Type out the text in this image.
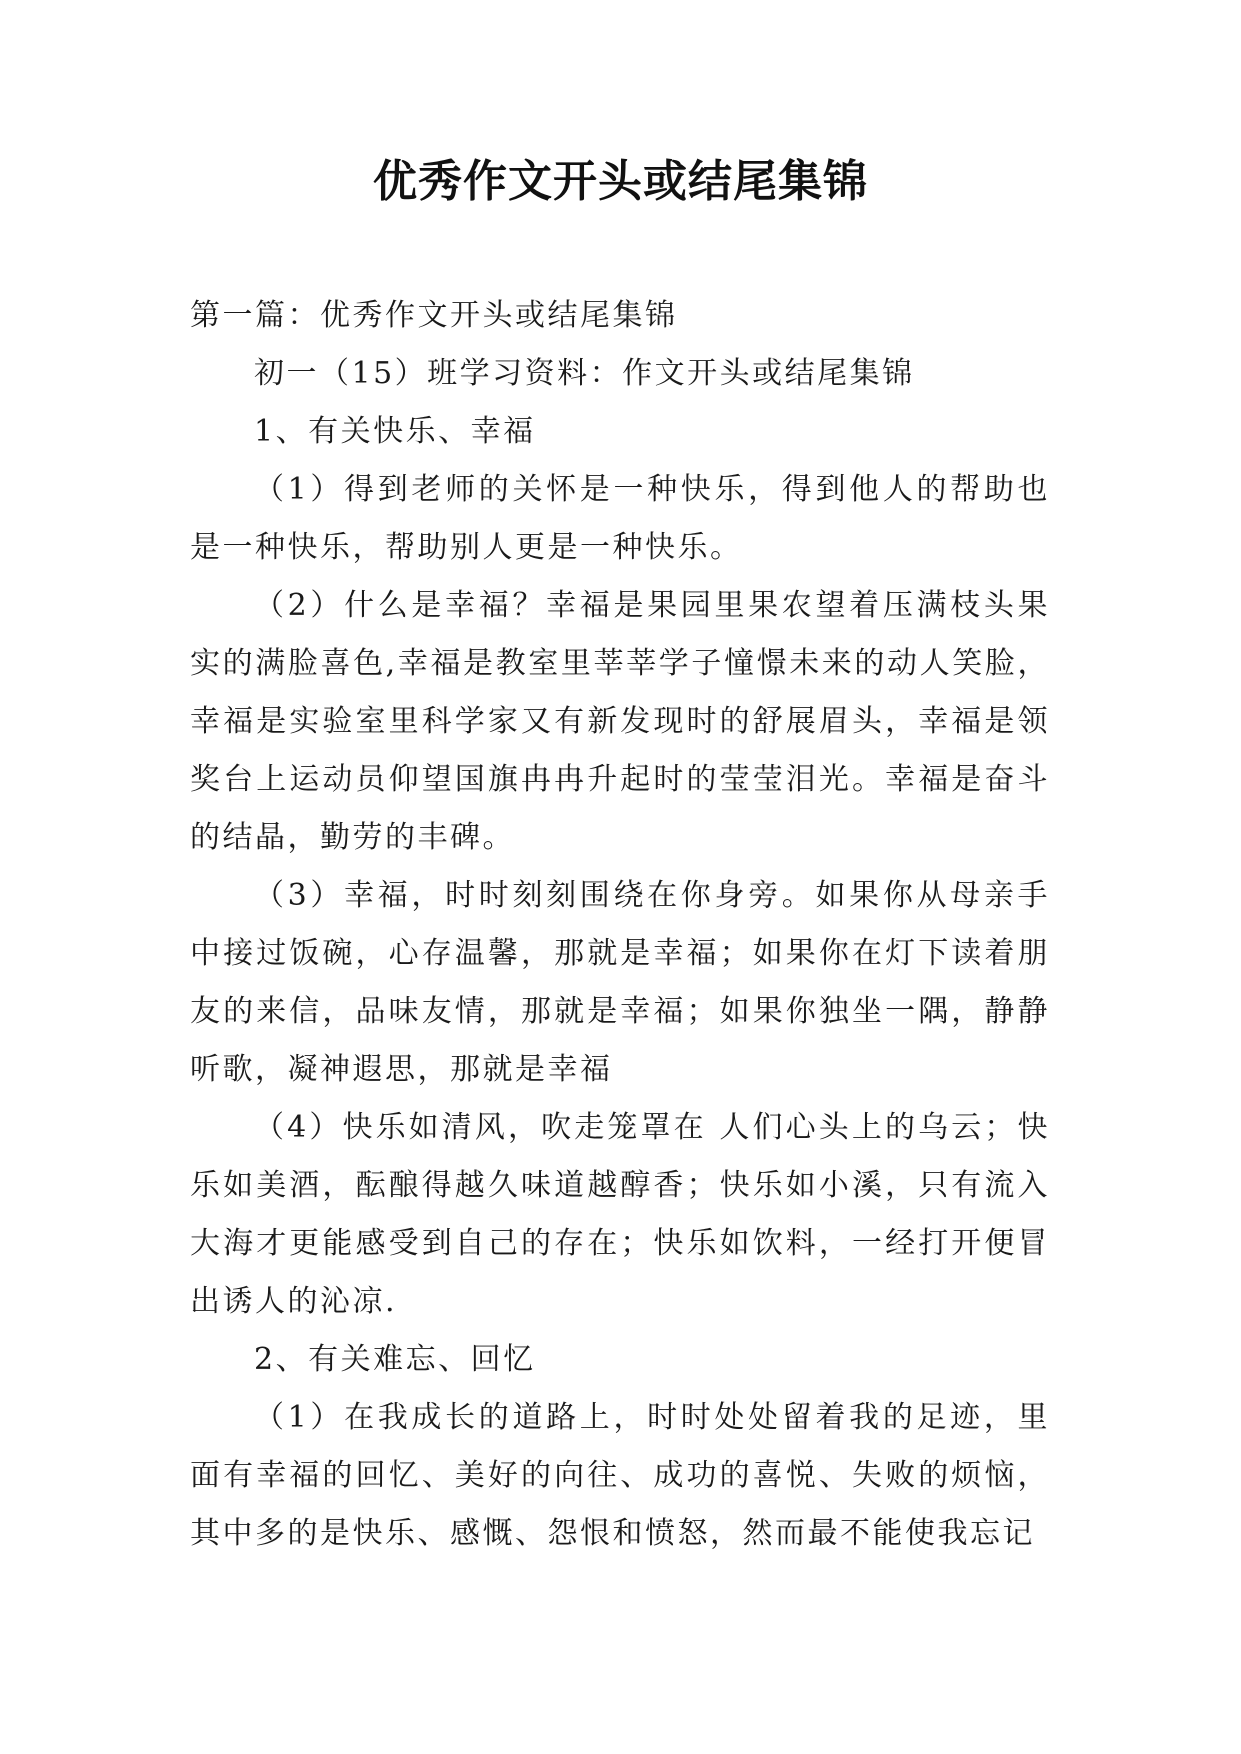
优秀作文开头或结尾集锦

第一篇：优秀作文开头或结尾集锦

初一（15）班学习资料：作文开头或结尾集锦

1、有关快乐、幸福

（1）得到老师的关怀是一种快乐，得到他人的帮助也是一种快乐，帮助别人更是一种快乐。

（2）什么是幸福？幸福是果园里果农望着压满枝头果实的满脸喜色,幸福是教室里莘莘学子憧憬未来的动人笑脸，幸福是实验室里科学家又有新发现时的舒展眉头，幸福是领奖台上运动员仰望国旗冉冉升起时的莹莹泪光。幸福是奋斗的结晶，勤劳的丰碑。

（3）幸福，时时刻刻围绕在你身旁。如果你从母亲手中接过饭碗，心存温馨，那就是幸福；如果你在灯下读着朋友的来信，品味友情，那就是幸福；如果你独坐一隅，静静听歌，凝神遐思，那就是幸福

（4）快乐如清风，吹走笼罩在 人们心头上的乌云；快乐如美酒，酝酿得越久味道越醇香；快乐如小溪，只有流入大海才更能感受到自己的存在；快乐如饮料，一经打开便冒出诱人的沁凉.

2、有关难忘、回忆

（1）在我成长的道路上，时时处处留着我的足迹，里面有幸福的回忆、美好的向往、成功的喜悦、失败的烦恼，其中多的是快乐、感慨、怨恨和愤怒，然而最不能使我忘记
